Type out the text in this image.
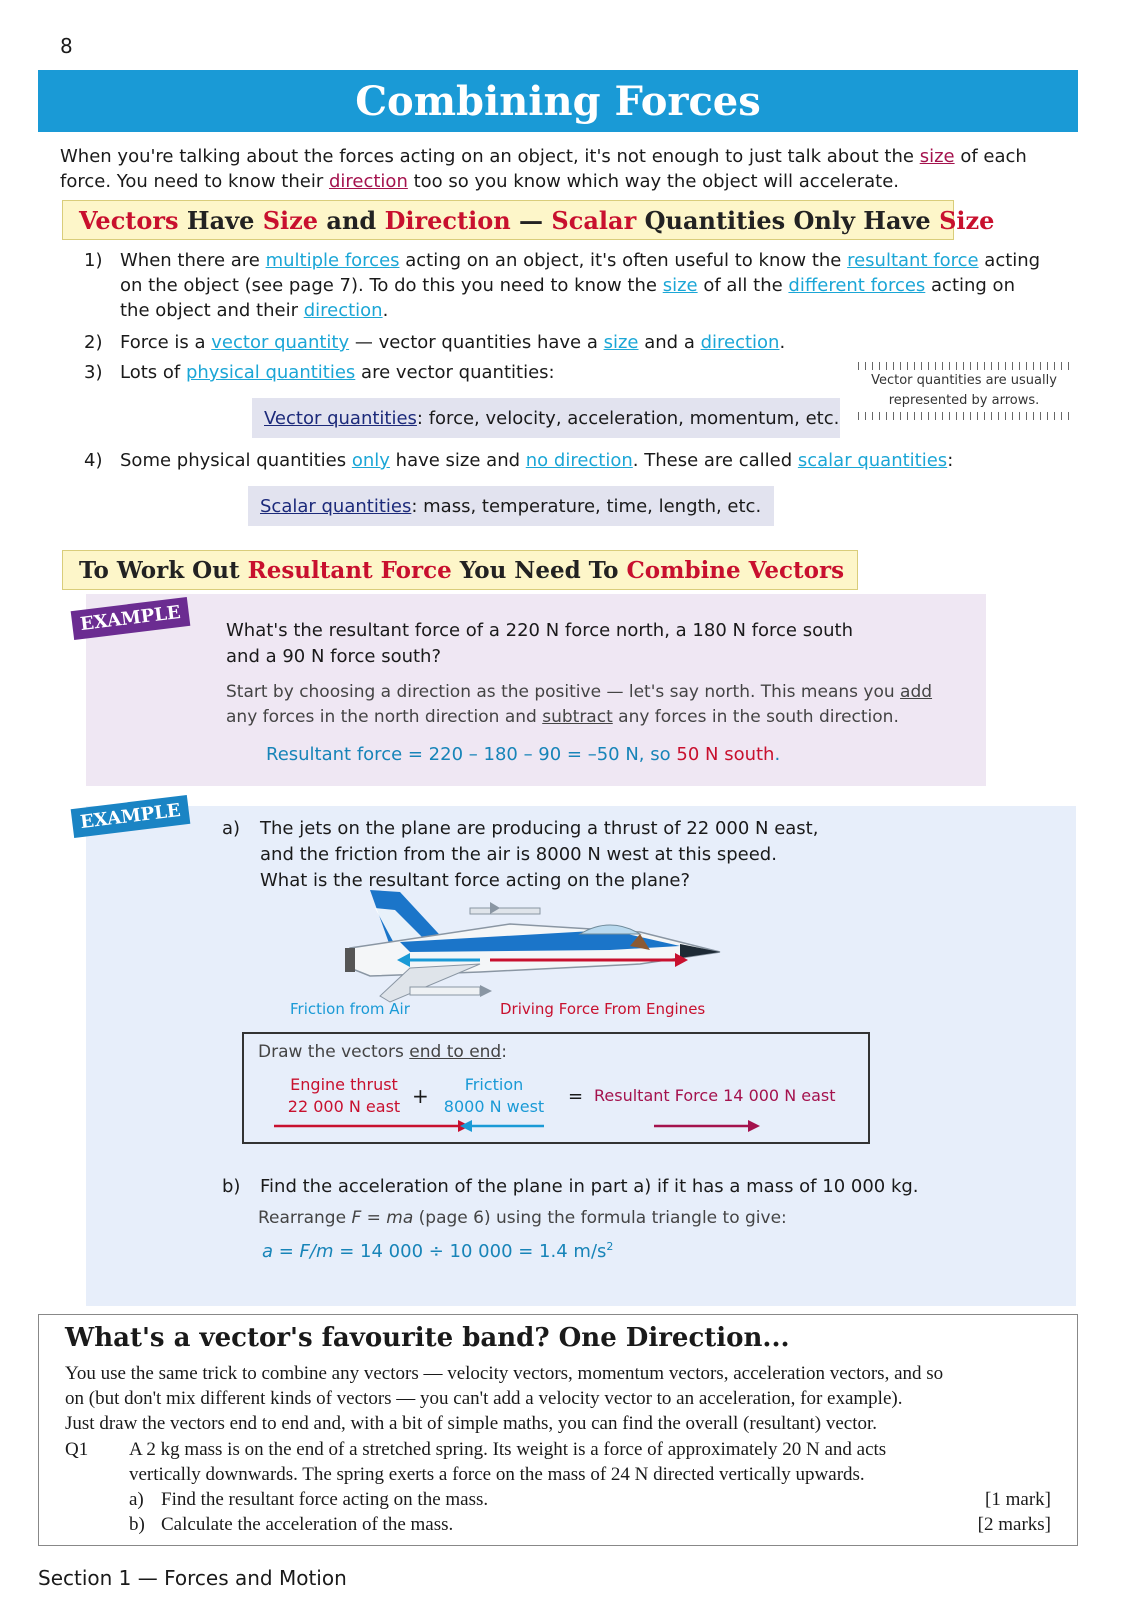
8
Combining Forces
When you're talking about the forces acting on an object, it's not enough to just talk about the size of each force. You need to know their direction too so you know which way the object will accelerate.
Vectors Have Size and Direction — Scalar Quantities Only Have Size
1) When there are multiple forces acting on an object, it's often useful to know the resultant force acting on the object (see page 7). To do this you need to know the size of all the different forces acting on the object and their direction.
2) Force is a vector quantity — vector quantities have a size and a direction.
3) Lots of physical quantities are vector quantities:	Vector quantities are usually
represented by arrows.
Vector quantities : force, velocity, acceleration, momentum, etc.
4) Some physical quantities only have size and no direction. These are called scalar quantities:
Scalar quantities : mass, temperature, time, length, etc.
To Work Out Resultant Force You Need To Combine Vectors
EXAMPLE	What's the resultant force of a 220 N force north, a 180 N force south
and a 90 N force south?
Start by choosing a direction as the positive — let's say north. This means you add
any forces in the north direction and subtract any forces in the south direction.
Resultant force = 220 – 180 – 90 = –50 N, so 50 N south.
EXAMPLE	a) The jets on the plane are producing a thrust of 22 000 N east,
and the friction from the air is 8000 N west at this speed.
What is the resultant force acting on the plane?
Friction from Air	Driving Force From Engines
Draw the vectors end to end:
Engine thrust
22 000 N east +	Friction
8000 N west	= Resultant Force 14 000 N east
b) Find the acceleration of the plane in part a) if it has a mass of 10 000 kg.
Rearrange F = ma (page 6) using the formula triangle to give:
a = F/m = 14 000 ÷ 10 000 = 1.4 $m/s^2$
What's a vector's favourite band? One Direction...
You use the same trick to combine any vectors — velocity vectors, momentum vectors, acceleration vectors, and so
on (but don't mix different kinds of vectors — you can't add a velocity vector to an acceleration, for example).
Just draw the vectors end to end and, with a bit of simple maths, you can find the overall (resultant) vector.
Q1 A 2 kg mass is on the end of a stretched spring. Its weight is a force of approximately 20 N and acts
vertically downwards. The spring exerts a force on the mass of 24 N directed vertically upwards.
a) Find the resultant force acting on the mass.	[1 mark]
b) Calculate the acceleration of the mass.	[2 marks]
Section 1 — Forces and Motion
